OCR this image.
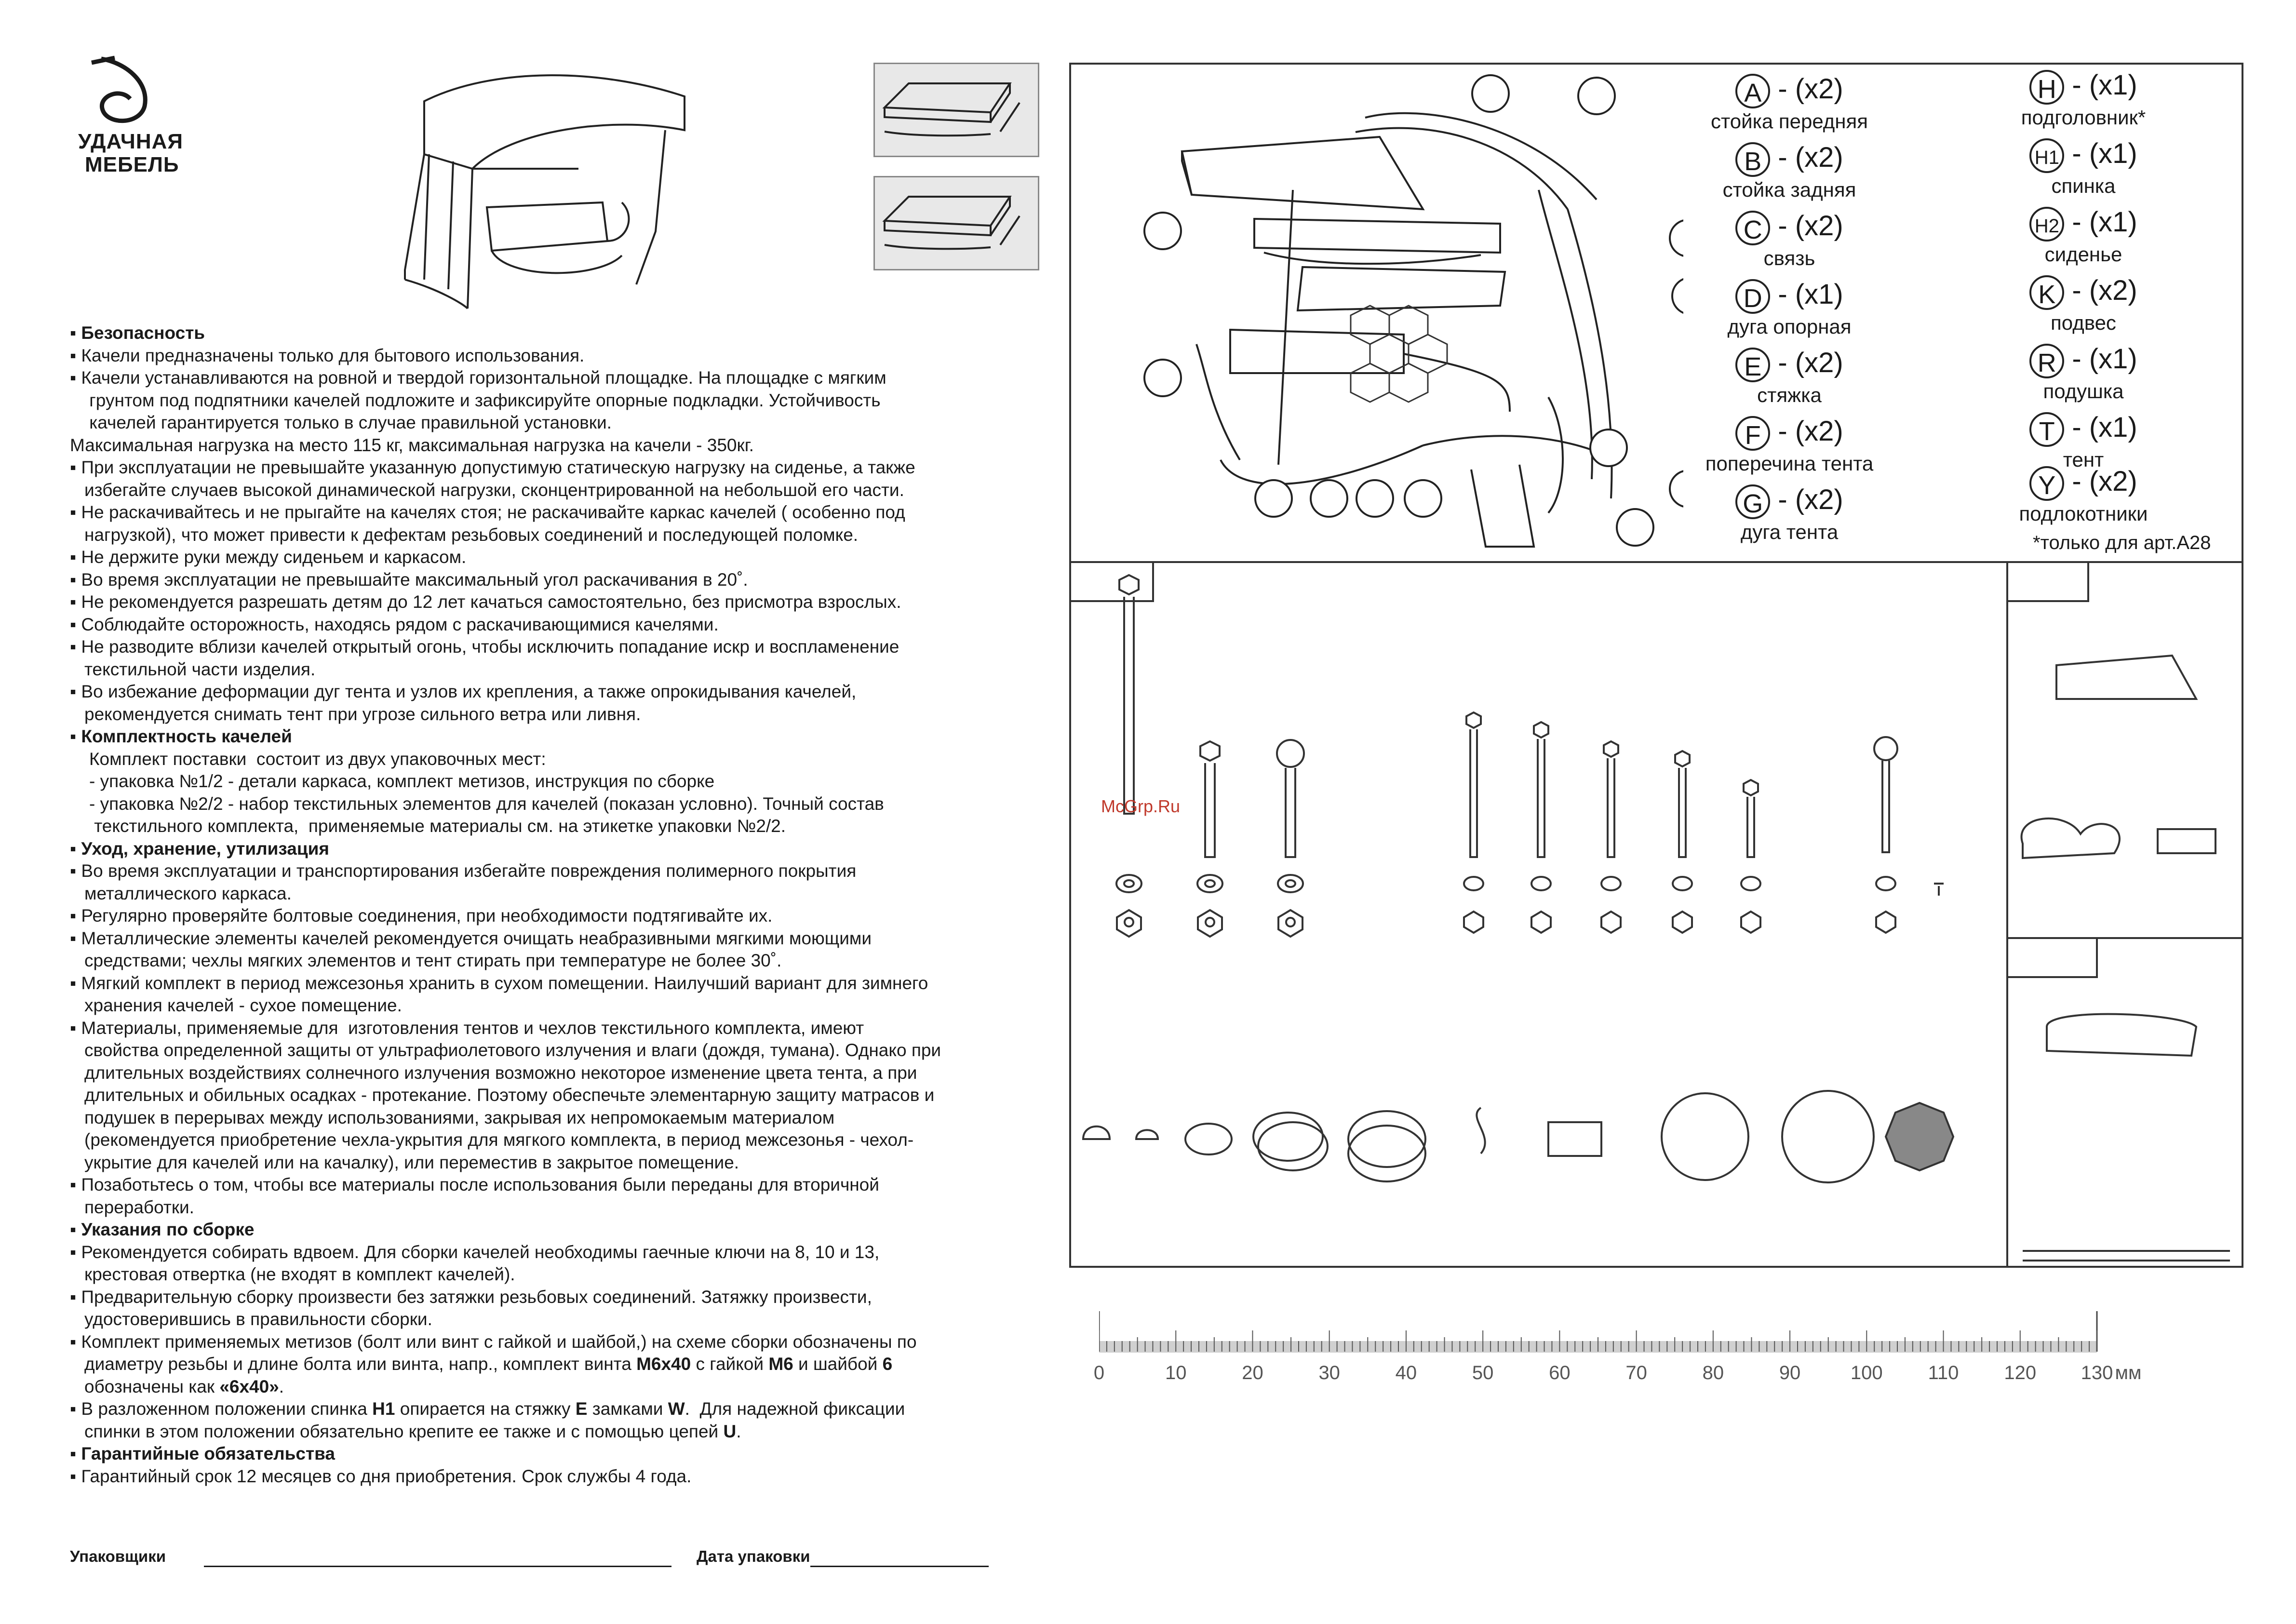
УДАЧНАЯ
МЕБЕЛЬ

▪ Безопасность

▪ Качели предназначены только для бытового использования.

▪ Качели устанавливаются на ровной и твердой горизонтальной площадке. На площадке с мягким
грунтом под подпятники качелей подложите и зафиксируйте опорные подкладки. Устойчивость
качелей гарантируется только в случае правильной установки.

Максимальная нагрузка на место 115 кг, максимальная нагрузка на качели - 350кг.

▪ При эксплуатации не превышайте указанную допустимую статическую нагрузку на сиденье, а также
избегайте случаев высокой динамической нагрузки, сконцентрированной на небольшой его части.

▪ Не раскачивайтесь и не прыгайте на качелях стоя; не раскачивайте каркас качелей ( особенно под
нагрузкой), что может привести к дефектам резьбовых соединений и последующей поломке.

▪ Не держите руки между сиденьем и каркасом.

▪ Во время эксплуатации не превышайте максимальный угол раскачивания в 20˚.

▪ Не рекомендуется разрешать детям до 12 лет качаться самостоятельно, без присмотра взрослых.

▪ Соблюдайте осторожность, находясь рядом с раскачивающимися качелями.

▪ Не разводите вблизи качелей открытый огонь, чтобы исключить попадание искр и воспламенение
текстильной части изделия.

▪ Во избежание деформации дуг тента и узлов их крепления, а также опрокидывания качелей,
рекомендуется снимать тент при угрозе сильного ветра или ливня.

▪ Комплектность качелей

Комплект поставки  состоит из двух упаковочных мест:

- упаковка №1/2 - детали каркаса, комплект метизов, инструкция по сборке

- упаковка №2/2 - набор текстильных элементов для качелей (показан условно). Точный состав
текстильного комплекта,  применяемые материалы см. на этикетке упаковки №2/2.

▪ Уход, хранение, утилизация

▪ Во время эксплуатации и транспортирования избегайте повреждения полимерного покрытия
металлического каркаса.

▪ Регулярно проверяйте болтовые соединения, при необходимости подтягивайте их.

▪ Металлические элементы качелей рекомендуется очищать неабразивными мягкими моющими
средствами; чехлы мягких элементов и тент стирать при температуре не более 30˚.

▪ Мягкий комплект в период межсезонья хранить в сухом помещении. Наилучший вариант для зимнего
хранения качелей - сухое помещение.

▪ Материалы, применяемые для  изготовления тентов и чехлов текстильного комплекта, имеют
свойства определенной защиты от ультрафиолетового излучения и влаги (дождя, тумана). Однако при
длительных воздействиях солнечного излучения возможно некоторое изменение цвета тента, а при
длительных и обильных осадках - протекание. Поэтому обеспечьте элементарную защиту матрасов и
подушек в перерывах между использованиями, закрывая их непромокаемым материалом
(рекомендуется приобретение чехла-укрытия для мягкого комплекта, в период межсезонья - чехол-
укрытие для качелей или на качалку), или переместив в закрытое помещение.

▪ Позаботьтесь о том, чтобы все материалы после использования были переданы для вторичной
переработки.

▪ Указания по сборке

▪ Рекомендуется собирать вдвоем. Для сборки качелей необходимы гаечные ключи на 8, 10 и 13,
крестовая отвертка (не входят в комплект качелей).

▪ Предварительную сборку произвести без затяжки резьбовых соединений. Затяжку произвести,
удостоверившись в правильности сборки.

▪ Комплект применяемых метизов (болт или винт с гайкой и шайбой,) на схеме сборки обозначены по
диаметру резьбы и длине болта или винта, напр., комплект винта М6х40 с гайкой М6 и шайбой 6
обозначены как «6х40».

▪ В разложенном положении спинка Н1 опирается на стяжку Е замками W.  Для надежной фиксации
спинки в этом положении обязательно крепите ее также и с помощью цепей U.

▪ Гарантийные обязательства

▪ Гарантийный срок 12 месяцев со дня приобретения. Срок службы 4 года.

Упаковщики	Дата упаковки
A - (x2)
стойка передняя
B - (x2)
стойка задняя
C - (x2)
связь
D - (x1)
дуга опорная
E - (x2)
стяжка
F - (x2)
поперечина тента
G - (x2)
дуга тента
H - (x1)
подголовник*
H1 - (x1)
спинка
H2 - (x1)
сиденье
K - (x2)
подвес
R - (x1)
подушка
T - (x1)
тент
Y - (x2)
подлокотники
*только для арт.А28
McGrp.Ru
0	10	20	30	40	50	60	70	80	90	100 110 120 130 мм
